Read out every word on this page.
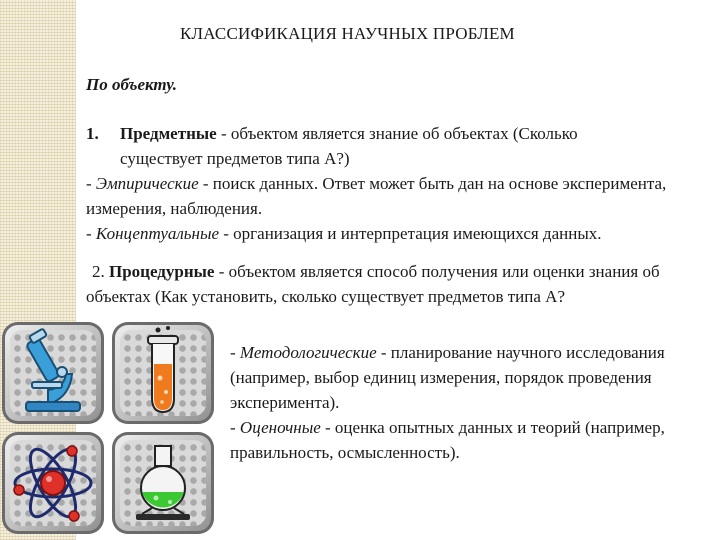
КЛАССИФИКАЦИЯ НАУЧНЫХ ПРОБЛЕМ
По объекту.
1. Предметные - объектом является знание об объектах (Сколько
существует предметов типа А?)
- Эмпирические - поиск данных. Ответ может быть дан на основе эксперимента, измерения, наблюдения.
- Концептуальные - организация и интерпретация имеющихся данных.
2. Процедурные - объектом является способ получения или оценки знания об объектах (Как установить, сколько существует предметов типа А?
- Методологические - планирование научного исследования (например, выбор единиц измерения, порядок проведения эксперимента).
- Оценочные - оценка опытных данных и теорий (например, правильность, осмысленность).
